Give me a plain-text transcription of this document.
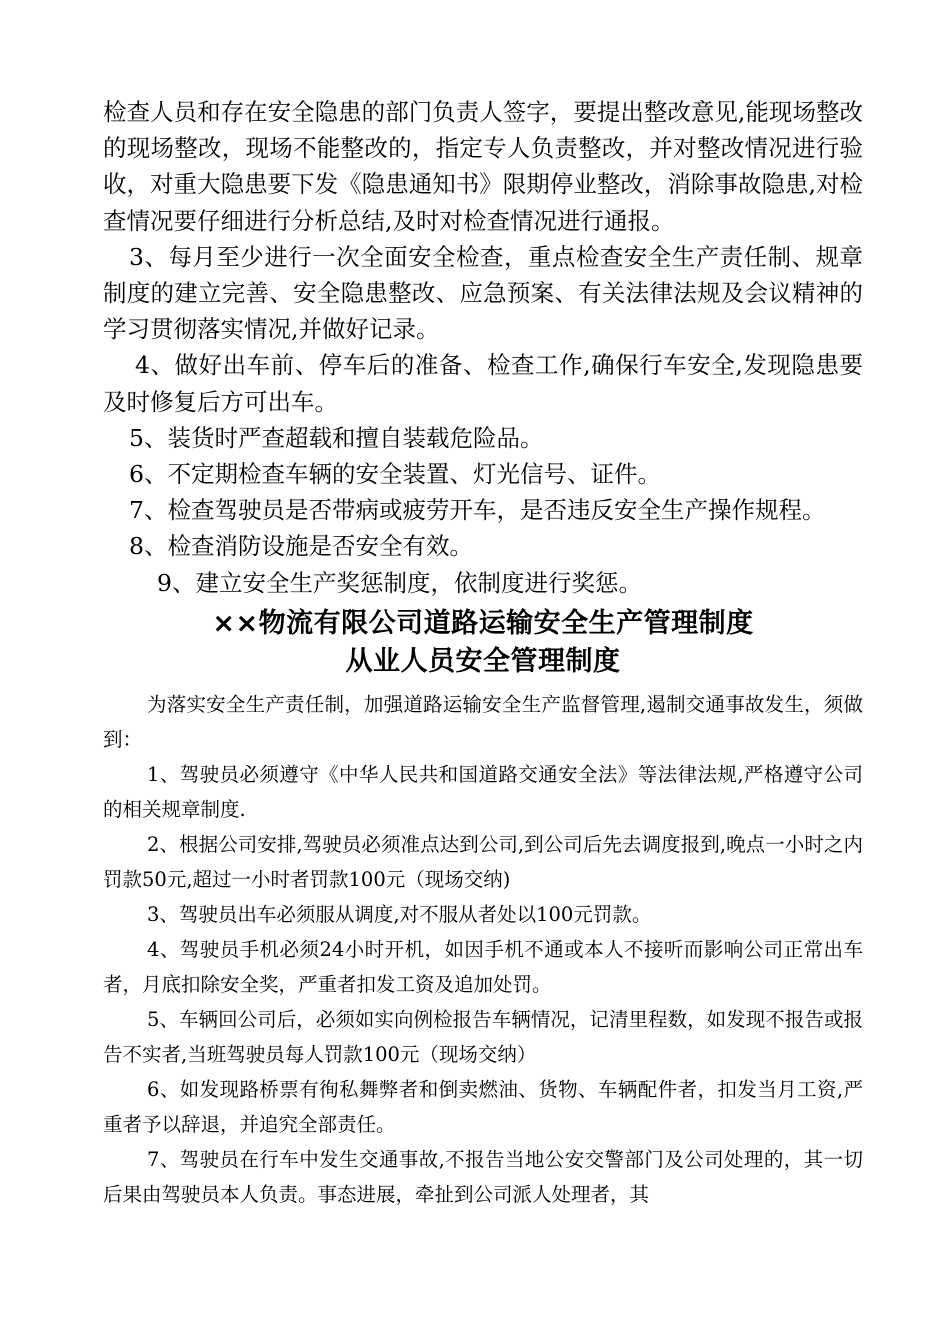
检查人员和存在安全隐患的部门负责人签字，要提出整改意见,能现场整改的现场整改，现场不能整改的，指定专人负责整改，并对整改情况进行验收，对重大隐患要下发《隐患通知书》限期停业整改，消除事故隐患,对检查情况要仔细进行分析总结,及时对检查情况进行通报。

3、每月至少进行一次全面安全检查，重点检查安全生产责任制、规章制度的建立完善、安全隐患整改、应急预案、有关法律法规及会议精神的学习贯彻落实情况,并做好记录。

4、做好出车前、停车后的准备、检查工作,确保行车安全,发现隐患要及时修复后方可出车。

5、装货时严查超载和擅自装载危险品。

6、不定期检查车辆的安全装置、灯光信号、证件。

7、检查驾驶员是否带病或疲劳开车，是否违反安全生产操作规程。

8、检查消防设施是否安全有效。

9、建立安全生产奖惩制度，依制度进行奖惩。

××物流有限公司道路运输安全生产管理制度
从业人员安全管理制度

为落实安全生产责任制，加强道路运输安全生产监督管理,遏制交通事故发生，须做到：

1、驾驶员必须遵守《中华人民共和国道路交通安全法》等法律法规,严格遵守公司的相关规章制度.

2、根据公司安排,驾驶员必须准点达到公司,到公司后先去调度报到,晚点一小时之内罚款50元,超过一小时者罚款100元（现场交纳)

3、驾驶员出车必须服从调度,对不服从者处以100元罚款。

4、驾驶员手机必须24小时开机，如因手机不通或本人不接听而影响公司正常出车者，月底扣除安全奖，严重者扣发工资及追加处罚。

5、车辆回公司后，必须如实向例检报告车辆情况，记清里程数，如发现不报告或报告不实者,当班驾驶员每人罚款100元（现场交纳）

6、如发现路桥票有徇私舞弊者和倒卖燃油、货物、车辆配件者，扣发当月工资,严重者予以辞退，并追究全部责任。

7、驾驶员在行车中发生交通事故,不报告当地公安交警部门及公司处理的，其一切后果由驾驶员本人负责。事态进展，牵扯到公司派人处理者，其
